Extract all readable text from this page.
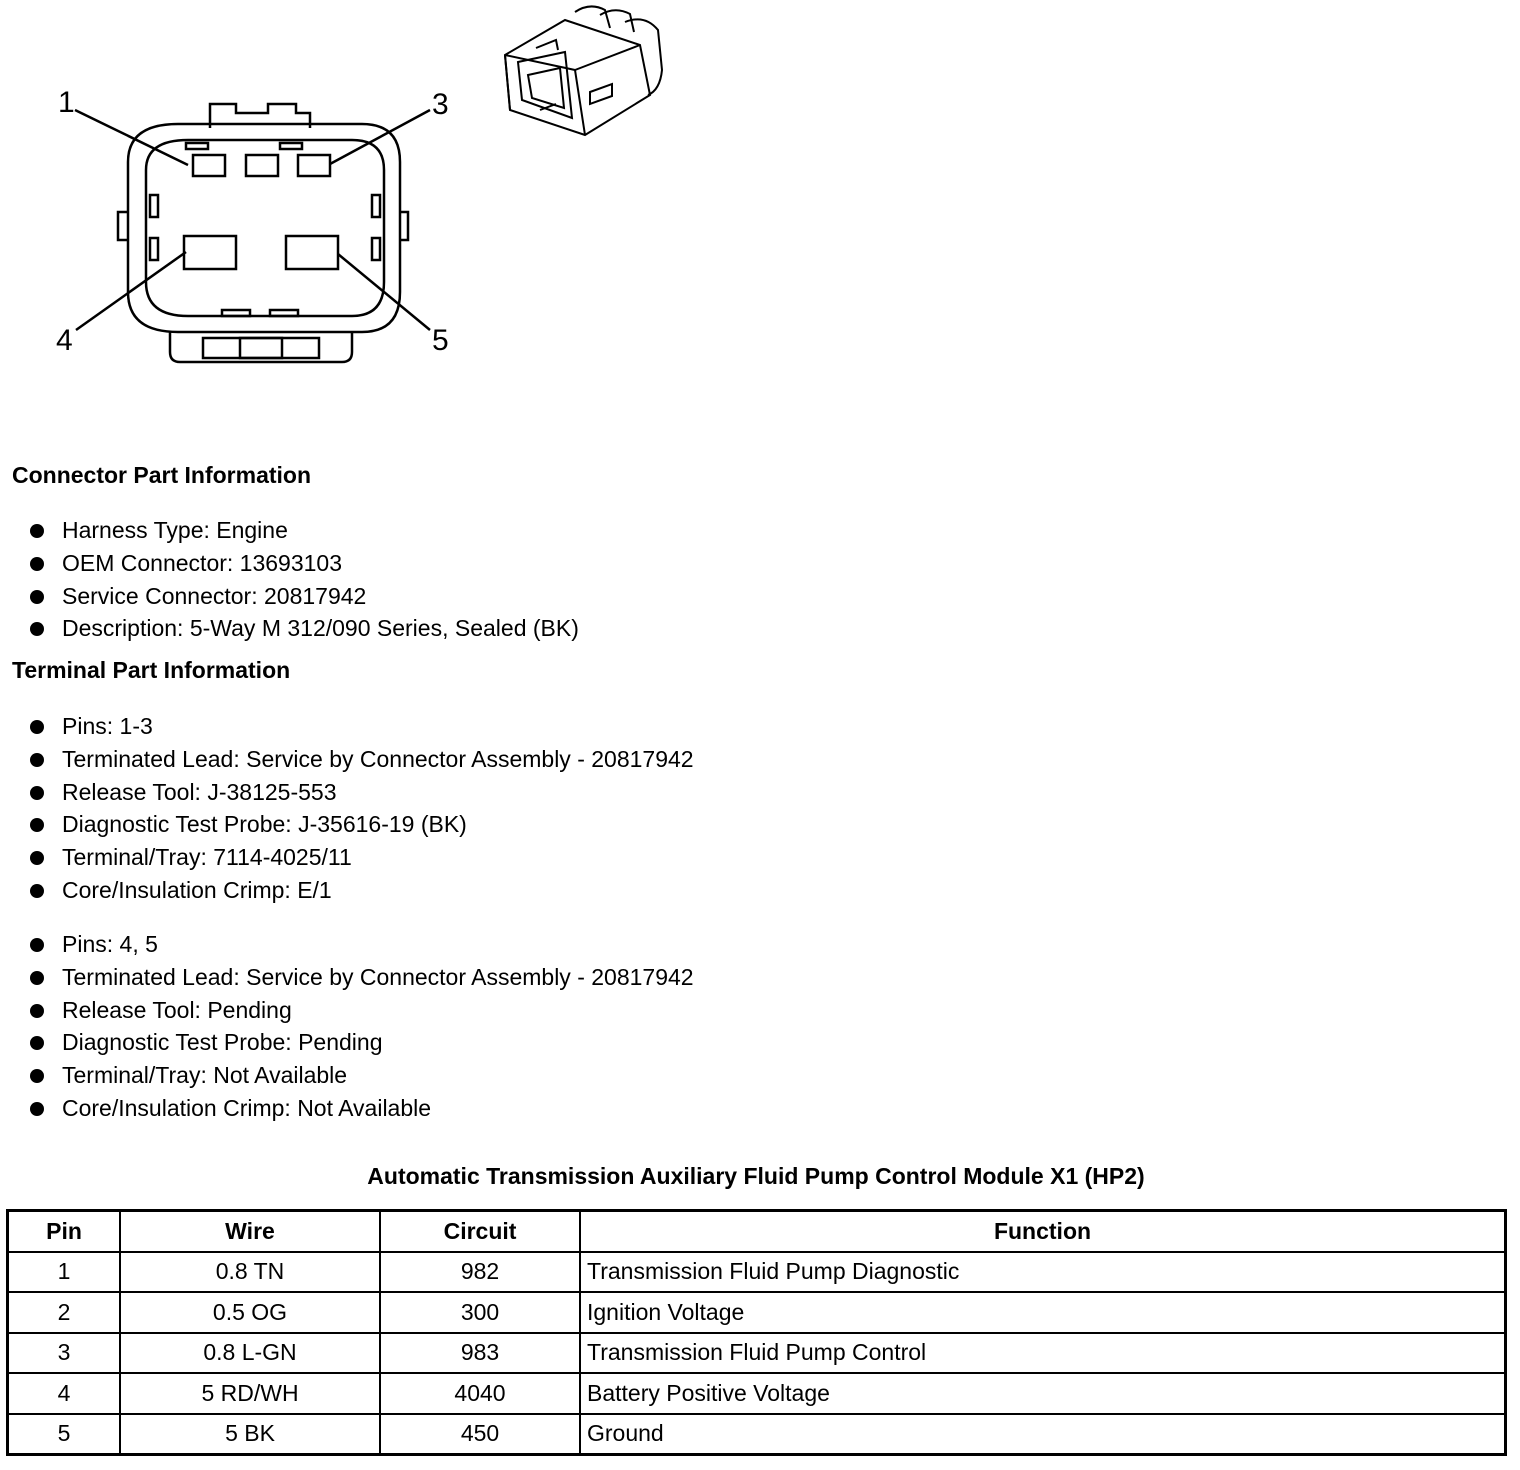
1	3
4	5
Connector Part Information
Harness Type: Engine
OEM Connector: 13693103
Service Connector: 20817942
Description: 5-Way M 312/090 Series, Sealed (BK)
Terminal Part Information
Pins: 1-3
Terminated Lead: Service by Connector Assembly - 20817942
Release Tool: J-38125-553
Diagnostic Test Probe: J-35616-19 (BK)
Terminal/Tray: 7114-4025/11
Core/Insulation Crimp: E/1
Pins: 4, 5
Terminated Lead: Service by Connector Assembly - 20817942
Release Tool: Pending
Diagnostic Test Probe: Pending
Terminal/Tray: Not Available
Core/Insulation Crimp: Not Available
Automatic Transmission Auxiliary Fluid Pump Control Module X1 (HP2)
Pin	Wire	Circuit	Function
1	0.8 TN	982	Transmission Fluid Pump Diagnostic
2	0.5 OG	300	Ignition Voltage
3	0.8 L-GN	983	Transmission Fluid Pump Control
4	5 RD/WH	4040	Battery Positive Voltage
5	5 BK	450	Ground
